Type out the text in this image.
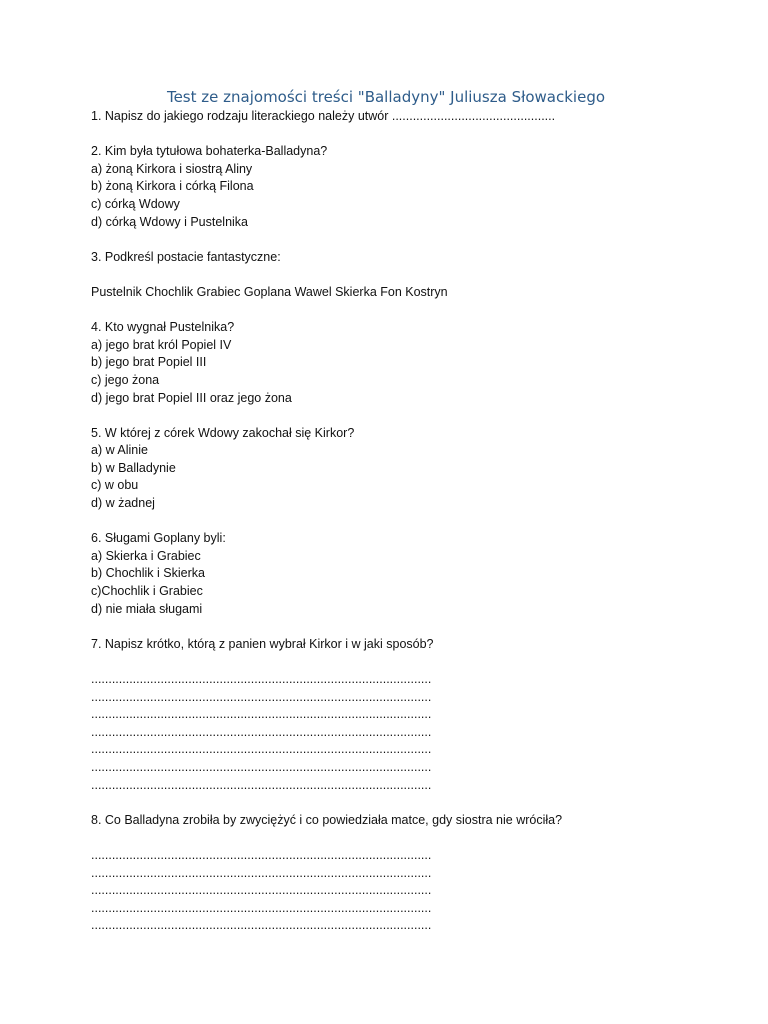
Test ze znajomości treści "Balladyny" Juliusza Słowackiego
1. Napisz do jakiego rodzaju literackiego należy utwór ...............................................
2. Kim była tytułowa bohaterka-Balladyna?
a) żoną Kirkora i siostrą Aliny
b) żoną Kirkora i córką Filona
c) córką Wdowy
d) córką Wdowy i Pustelnika
3. Podkreśl postacie fantastyczne:
Pustelnik Chochlik Grabiec Goplana Wawel Skierka Fon Kostryn
4. Kto wygnał Pustelnika?
a) jego brat król Popiel IV
b) jego brat Popiel III
c) jego żona
d) jego brat Popiel III oraz jego żona
5. W której z córek Wdowy zakochał się Kirkor?
a) w Alinie
b) w Balladynie
c) w obu
d) w żadnej
6. Sługami Goplany byli:
a) Skierka i Grabiec
b) Chochlik i Skierka
c)Chochlik i Grabiec
d) nie miała sługami
7. Napisz krótko, którą z panien wybrał Kirkor i w jaki sposób?
..................................................................................................
..................................................................................................
..................................................................................................
..................................................................................................
..................................................................................................
..................................................................................................
..................................................................................................
8. Co Balladyna zrobiła by zwyciężyć i co powiedziała matce, gdy siostra nie wróciła?
..................................................................................................
..................................................................................................
..................................................................................................
..................................................................................................
..................................................................................................
